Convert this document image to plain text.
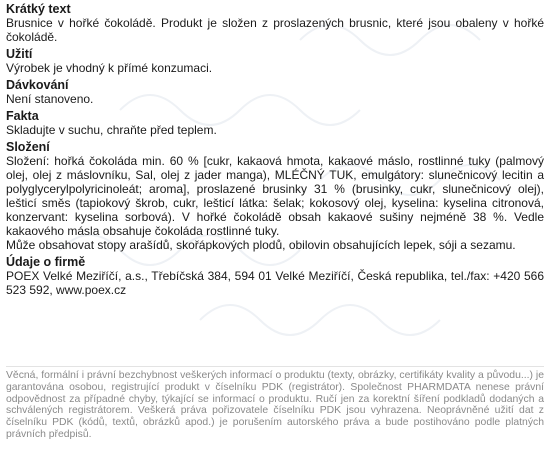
Krátký text

Brusnice v hořké čokoládě. Produkt je složen z proslazených brusnic, které jsou obaleny v hořké čokoládě.

Užití

Výrobek je vhodný k přímé konzumaci.

Dávkování

Není stanoveno.

Fakta

Skladujte v suchu, chraňte před teplem.

Složení

Složení: hořká čokoláda min. 60 % [cukr, kakaová hmota, kakaové máslo, rostlinné tuky (palmový olej, olej z máslovníku, Sal, olej z jader manga), MLÉČNÝ TUK, emulgátory: slunečnicový lecitin a polyglycerylpolyricinoleát; aroma], proslazené brusinky 31 % (brusinky, cukr, slunečnicový olej), lešticí směs (tapiokový škrob, cukr, lešticí látka: šelak; kokosový olej, kyselina: kyselina citronová, konzervant: kyselina sorbová). V hořké čokoládě obsah kakaové sušiny nejméně 38 %. Vedle kakaového másla obsahuje čokoláda rostlinné tuky.

Může obsahovat stopy arašídů, skořápkových plodů, obilovin obsahujících lepek, sóji a sezamu.

Údaje o firmě

POEX Velké Meziříčí, a.s., Třebíčská 384, 594 01 Velké Meziříčí, Česká republika, tel./fax: +420 566 523 592, www.poex.cz

Věcná, formální i právní bezchybnost veškerých informací o produktu (texty, obrázky, certifikáty kvality a původu...) je garantována osobou, registrující produkt v číselníku PDK (registrátor). Společnost PHARMDATA nenese právní odpovědnost za případné chyby, týkající se informací o produktu. Ručí jen za korektní šíření podkladů dodaných a schválených registrátorem. Veškerá práva pořizovatele číselníku PDK jsou vyhrazena. Neoprávněné užití dat z číselníku PDK (kódů, textů, obrázků apod.) je porušením autorského práva a bude postihováno podle platných právních předpisů.
